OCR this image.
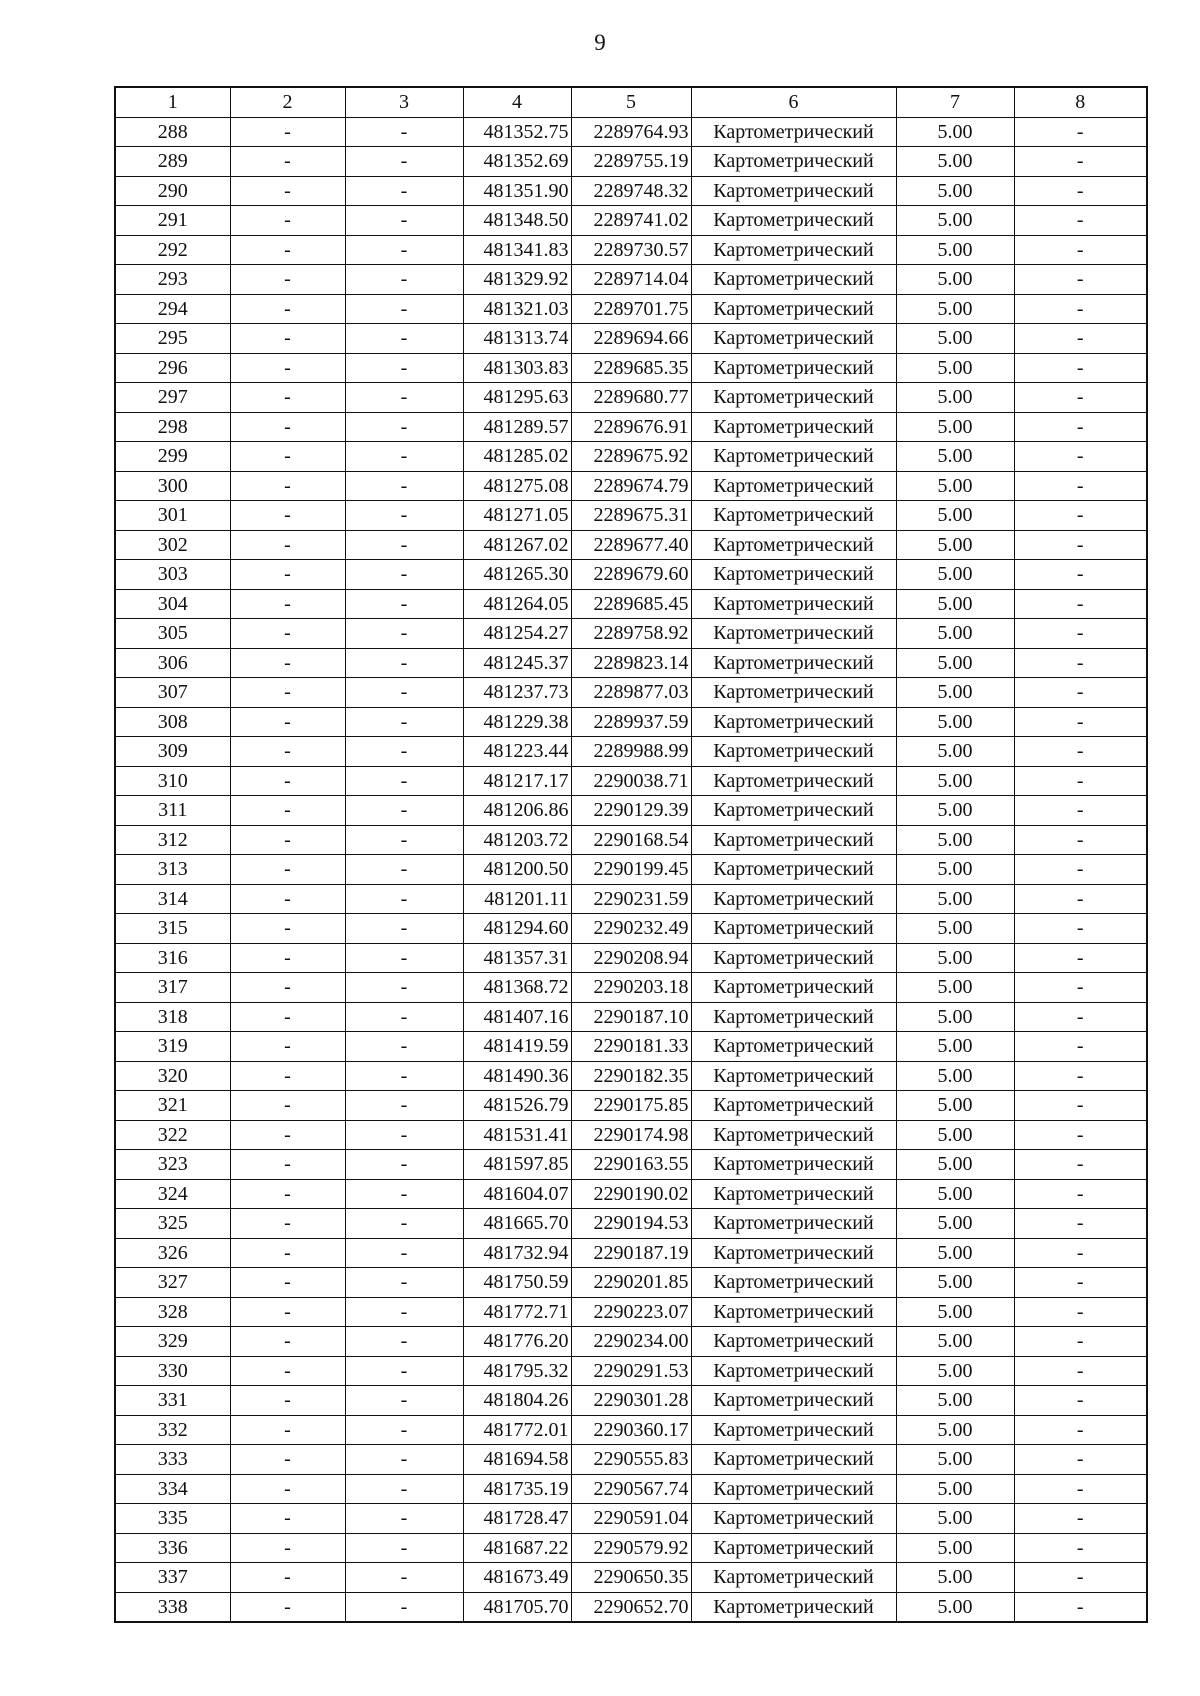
9
1	2	3	4	5	6	7	8
288	-	-	481352.75	2289764.93	Картометрический	5.00	-
289	-	-	481352.69	2289755.19	Картометрический	5.00	-
290	-	-	481351.90	2289748.32	Картометрический	5.00	-
291	-	-	481348.50	2289741.02	Картометрический	5.00	-
292	-	-	481341.83	2289730.57	Картометрический	5.00	-
293	-	-	481329.92	2289714.04	Картометрический	5.00	-
294	-	-	481321.03	2289701.75	Картометрический	5.00	-
295	-	-	481313.74	2289694.66	Картометрический	5.00	-
296	-	-	481303.83	2289685.35	Картометрический	5.00	-
297	-	-	481295.63	2289680.77	Картометрический	5.00	-
298	-	-	481289.57	2289676.91	Картометрический	5.00	-
299	-	-	481285.02	2289675.92	Картометрический	5.00	-
300	-	-	481275.08	2289674.79	Картометрический	5.00	-
301	-	-	481271.05	2289675.31	Картометрический	5.00	-
302	-	-	481267.02	2289677.40	Картометрический	5.00	-
303	-	-	481265.30	2289679.60	Картометрический	5.00	-
304	-	-	481264.05	2289685.45	Картометрический	5.00	-
305	-	-	481254.27	2289758.92	Картометрический	5.00	-
306	-	-	481245.37	2289823.14	Картометрический	5.00	-
307	-	-	481237.73	2289877.03	Картометрический	5.00	-
308	-	-	481229.38	2289937.59	Картометрический	5.00	-
309	-	-	481223.44	2289988.99	Картометрический	5.00	-
310	-	-	481217.17	2290038.71	Картометрический	5.00	-
311	-	-	481206.86	2290129.39	Картометрический	5.00	-
312	-	-	481203.72	2290168.54	Картометрический	5.00	-
313	-	-	481200.50	2290199.45	Картометрический	5.00	-
314	-	-	481201.11	2290231.59	Картометрический	5.00	-
315	-	-	481294.60	2290232.49	Картометрический	5.00	-
316	-	-	481357.31	2290208.94	Картометрический	5.00	-
317	-	-	481368.72	2290203.18	Картометрический	5.00	-
318	-	-	481407.16	2290187.10	Картометрический	5.00	-
319	-	-	481419.59	2290181.33	Картометрический	5.00	-
320	-	-	481490.36	2290182.35	Картометрический	5.00	-
321	-	-	481526.79	2290175.85	Картометрический	5.00	-
322	-	-	481531.41	2290174.98	Картометрический	5.00	-
323	-	-	481597.85	2290163.55	Картометрический	5.00	-
324	-	-	481604.07	2290190.02	Картометрический	5.00	-
325	-	-	481665.70	2290194.53	Картометрический	5.00	-
326	-	-	481732.94	2290187.19	Картометрический	5.00	-
327	-	-	481750.59	2290201.85	Картометрический	5.00	-
328	-	-	481772.71	2290223.07	Картометрический	5.00	-
329	-	-	481776.20	2290234.00	Картометрический	5.00	-
330	-	-	481795.32	2290291.53	Картометрический	5.00	-
331	-	-	481804.26	2290301.28	Картометрический	5.00	-
332	-	-	481772.01	2290360.17	Картометрический	5.00	-
333	-	-	481694.58	2290555.83	Картометрический	5.00	-
334	-	-	481735.19	2290567.74	Картометрический	5.00	-
335	-	-	481728.47	2290591.04	Картометрический	5.00	-
336	-	-	481687.22	2290579.92	Картометрический	5.00	-
337	-	-	481673.49	2290650.35	Картометрический	5.00	-
338	-	-	481705.70	2290652.70	Картометрический	5.00	-
